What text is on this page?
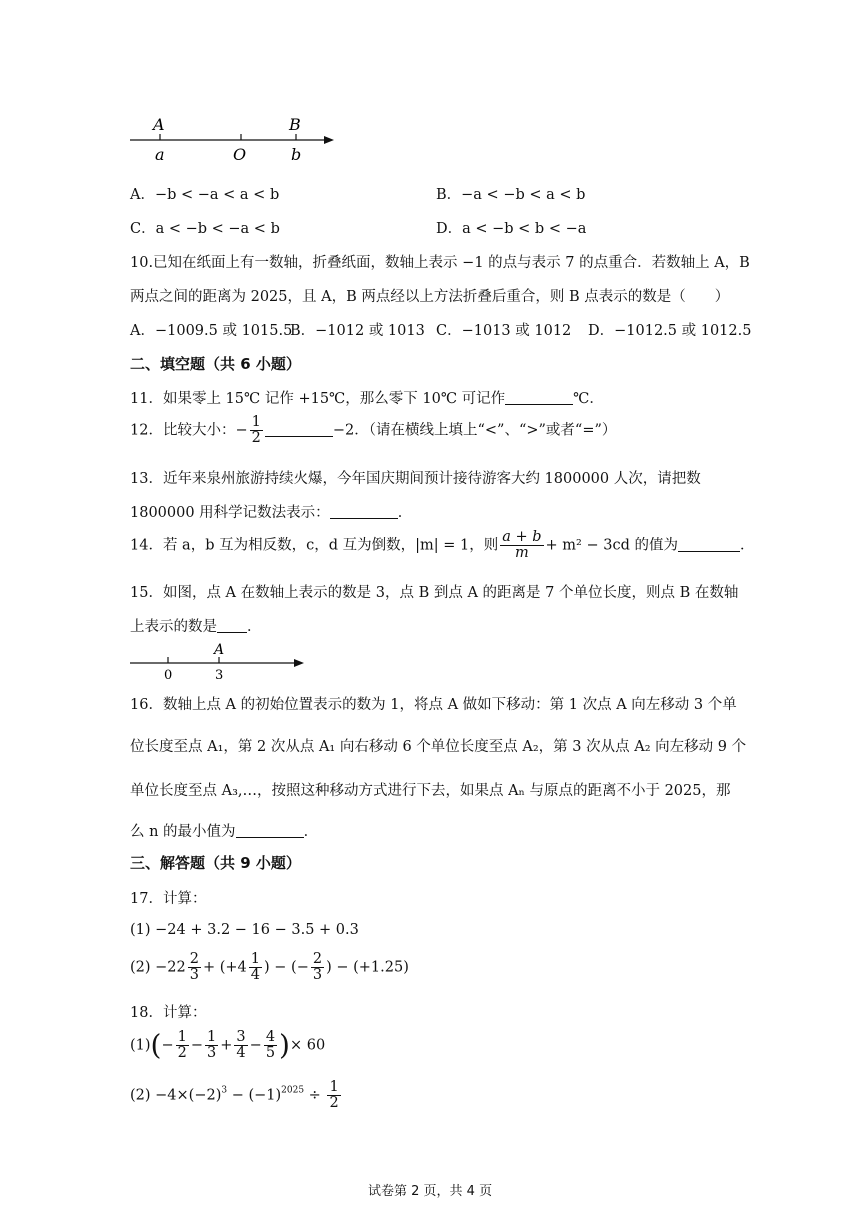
A	B
a	O	b
A．−b < −a < a < b	B．−a < −b < a < b
C．a < −b < −a < b	D．a < −b < b < −a
10.已知在纸面上有一数轴，折叠纸面，数轴上表示 −1 的点与表示 7 的点重合．若数轴上 A，B
两点之间的距离为 2025，且 A，B 两点经以上方法折叠后重合，则 B 点表示的数是（　　）
A．−1009.5 或 1015.5
B．−1012 或 1013 C．−1013 或 1012 D．−1012.5 或 1012.5
二、填空题（共 6 小题）
11．如果零上 15℃ 记作 +15℃，那么零下 10℃ 可记作	℃．
12．比较大小：− $\frac{1}{2}$	−2．（请在横线上填上“<”、“>”或者“=”）
13．近年来泉州旅游持续火爆，今年国庆期间预计接待游客大约 1800000 人次，请把数
1800000 用科学记数法表示：	．
14．若 a，b 互为相反数，c，d 互为倒数，|m| = 1，则 $\frac{a + b}{m} + m^2 - 3cd$ 的值为	．
15．如图，点 A 在数轴上表示的数是 3，点 B 到点 A 的距离是 7 个单位长度，则点 B 在数轴
上表示的数是 ．
A
0	3
16．数轴上点 A 的初始位置表示的数为 1，将点 A 做如下移动：第 1 次点 A 向左移动 3 个单
位长度至点 A₁，第 2 次从点 A₁ 向右移动 6 个单位长度至点 A₂，第 3 次从点 A₂ 向左移动 9 个
单位长度至点 A₃,…，按照这种移动方式进行下去，如果点 Aₙ 与原点的距离不小于 2025，那
么 n 的最小值为	．
三、解答题（共 9 小题）
17．计算：
(1) −24 + 3.2 − 16 − 3.5 + 0.3
$(2) -22 \frac{2}{3} + (+4 \frac{1}{4}$ ) − (− $\frac{2}{3}$ ) − (+1.25)
18．计算：
$(1)(- \frac{1}{2} - \frac{1}{3} + \frac{3}{4} - \frac{4}{5}$ )× 60
$(2) -4\times(-2)^3 - (-1)^{2025} \div \frac{1}{2}$
试卷第 2 页，共 4 页
